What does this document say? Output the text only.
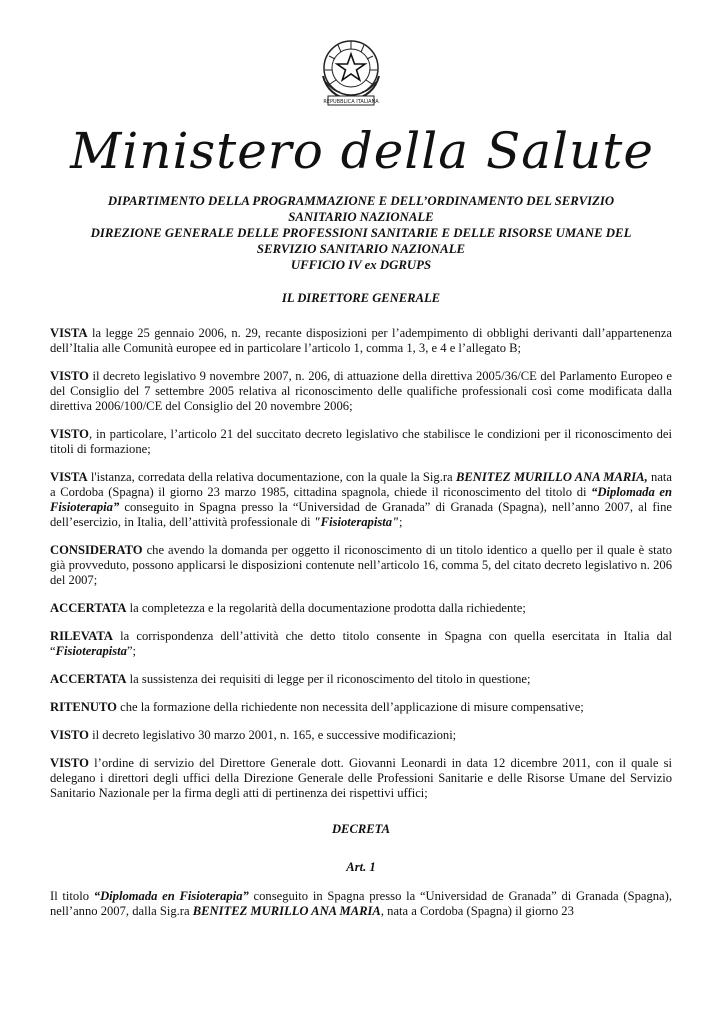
REPUBBLICA ITALIANA
Ministero della Salute
DIPARTIMENTO DELLA PROGRAMMAZIONE E DELL’ORDINAMENTO DEL SERVIZIO
SANITARIO NAZIONALE
DIREZIONE GENERALE DELLE PROFESSIONI SANITARIE E DELLE RISORSE UMANE DEL
SERVIZIO SANITARIO NAZIONALE
UFFICIO IV ex DGRUPS
IL DIRETTORE GENERALE

VISTA la legge 25 gennaio 2006, n. 29, recante disposizioni per l’adempimento di obblighi derivanti dall’appartenenza dell’Italia alle Comunità europee ed in particolare l’articolo 1, comma 1, 3, e 4 e l’allegato B;

VISTO il decreto legislativo 9 novembre 2007, n. 206, di attuazione della direttiva 2005/36/CE del Parlamento Europeo e del Consiglio del 7 settembre 2005 relativa al riconoscimento delle qualifiche professionali così come modificata dalla direttiva 2006/100/CE del Consiglio del 20 novembre 2006;

VISTO, in particolare, l’articolo 21 del succitato decreto legislativo che stabilisce le condizioni per il riconoscimento dei titoli di formazione;

VISTA l'istanza, corredata della relativa documentazione, con la quale la Sig.ra BENITEZ MURILLO ANA MARIA, nata a Cordoba (Spagna) il giorno 23 marzo 1985, cittadina spagnola, chiede il riconoscimento del titolo di “Diplomada en Fisioterapia” conseguito in Spagna presso la “Universidad de Granada” di Granada (Spagna), nell’anno 2007, al fine dell’esercizio, in Italia, dell’attività professionale di "Fisioterapista";

CONSIDERATO che avendo la domanda per oggetto il riconoscimento di un titolo identico a quello per il quale è stato già provveduto, possono applicarsi le disposizioni contenute nell’articolo 16, comma 5, del citato decreto legislativo n. 206 del 2007;

ACCERTATA la completezza e la regolarità della documentazione prodotta dalla richiedente;

RILEVATA la corrispondenza dell’attività che detto titolo consente in Spagna con quella esercitata in Italia dal “Fisioterapista”;

ACCERTATA la sussistenza dei requisiti di legge per il riconoscimento del titolo in questione;

RITENUTO che la formazione della richiedente non necessita dell’applicazione di misure compensative;

VISTO il decreto legislativo 30 marzo 2001, n. 165, e successive modificazioni;

VISTO l’ordine di servizio del Direttore Generale dott. Giovanni Leonardi in data 12 dicembre 2011, con il quale si delegano i direttori degli uffici della Direzione Generale delle Professioni Sanitarie e delle Risorse Umane del Servizio Sanitario Nazionale per la firma degli atti di pertinenza dei rispettivi uffici;

DECRETA
Art. 1

Il titolo “Diplomada en Fisioterapia” conseguito in Spagna presso la “Universidad de Granada” di Granada (Spagna), nell’anno 2007, dalla Sig.ra BENITEZ MURILLO ANA MARIA, nata a Cordoba (Spagna) il giorno 23
